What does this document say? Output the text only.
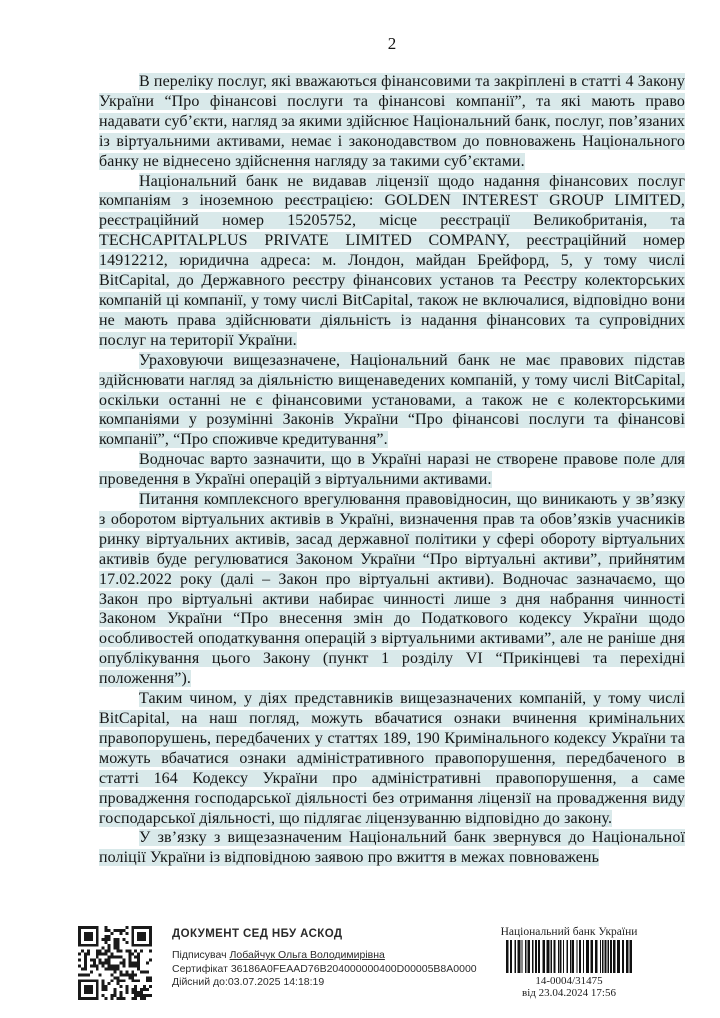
2

В переліку послуг, які вважаються фінансовими та закріплені в статті 4 Закону України “Про фінансові послуги та фінансові компанії”, та які мають право надавати суб’єкти, нагляд за якими здійснює Національний банк, послуг, пов’язаних із віртуальними активами, немає і законодавством до повноважень Національного банку не віднесено здійснення нагляду за такими суб’єктами.

Національний банк не видавав ліцензії щодо надання фінансових послуг компаніям з іноземною реєстрацією: GOLDEN INTEREST GROUP LIMITED, реєстраційний номер 15205752, місце реєстрації Великобританія, та TECHCAPITALPLUS PRIVATE LIMITED COMPANY, реєстраційний номер 14912212, юридична адреса: м. Лондон, майдан Брейфорд, 5, у тому числі BitCapital, до Державного реєстру фінансових установ та Реєстру колекторських компаній ці компанії, у тому числі BitCapital, також не включалися, відповідно вони не мають права здійснювати діяльність із надання фінансових та супровідних послуг на території України.

Ураховуючи вищезазначене, Національний банк не має правових підстав здійснювати нагляд за діяльністю вищенаведених компаній, у тому числі BitCapital, оскільки останні не є фінансовими установами, а також не є колекторськими компаніями у розумінні Законів України “Про фінансові послуги та фінансові компанії”, “Про споживче кредитування”.

Водночас варто зазначити, що в Україні наразі не створене правове поле для проведення в Україні операцій з віртуальними активами.

Питання комплексного врегулювання правовідносин, що виникають у зв’язку з оборотом віртуальних активів в Україні, визначення прав та обов’язків учасників ринку віртуальних активів, засад державної політики у сфері обороту віртуальних активів буде регулюватися Законом України “Про віртуальні активи”, прийнятим 17.02.2022 року (далі – Закон про віртуальні активи). Водночас зазначаємо, що Закон про віртуальні активи набирає чинності лише з дня набрання чинності Законом України “Про внесення змін до Податкового кодексу України щодо особливостей оподаткування операцій з віртуальними активами”, але не раніше дня опублікування цього Закону (пункт 1 розділу VI “Прикінцеві та перехідні положення”).

Таким чином, у діях представників вищезазначених компаній, у тому числі BitCapital, на наш погляд, можуть вбачатися ознаки вчинення кримінальних правопорушень, передбачених у статтях 189, 190 Кримінального кодексу України та можуть вбачатися ознаки адміністративного правопорушення, передбаченого в статті 164 Кодексу України про адміністративні правопорушення, а саме провадження господарської діяльності без отримання ліцензії на провадження виду господарської діяльності, що підлягає ліцензуванню відповідно до закону.

У зв’язку з вищезазначеним Національний банк звернувся до Національної поліції України із відповідною заявою про вжиття в межах повноважень

ДОКУМЕНТ СЕД НБУ АСКОД
Підписувач Лобайчук Ольга Володимирівна
Сертифікат 36186A0FEAAD76B204000000400D00005B8A0000
Дійсний до:03.07.2025 14:18:19
Національний банк України
14-0004/31475
від 23.04.2024 17:56
